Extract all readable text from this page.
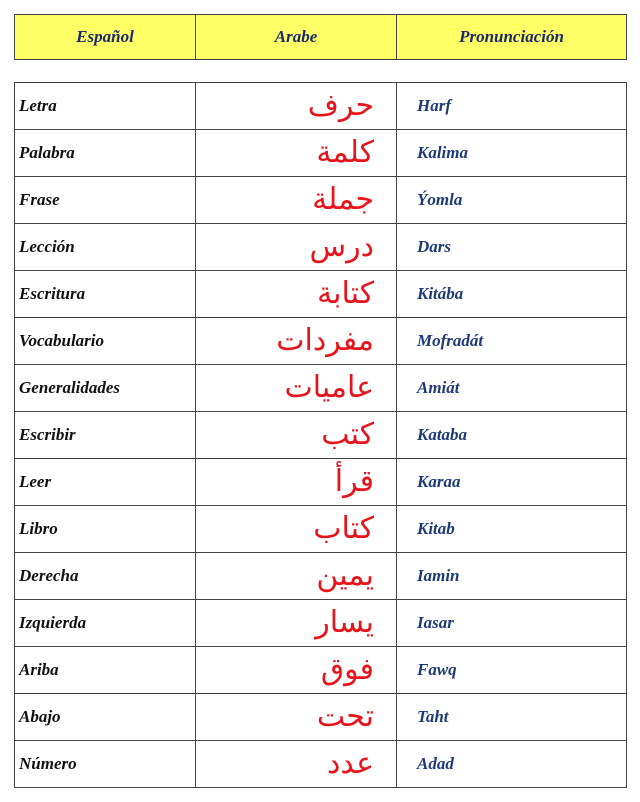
Español	Arabe	Pronunciación
Letra	حرف	Harf
Palabra	كلمة	Kalima
Frase	جملة	Ýomla
Lección	درس	Dars
Escritura	كتابة	Kitába
Vocabulario	مفردات	Mofradát
Generalidades	عاميات	Amiát
Escribir	كتب	Kataba
Leer	قرأ	Karaa
Libro	كتاب	Kitab
Derecha	يمين	Iamin
Izquierda	يسار	Iasar
Ariba	فوق	Fawq
Abajo	تحت	Taht
Número	عدد	Adad
